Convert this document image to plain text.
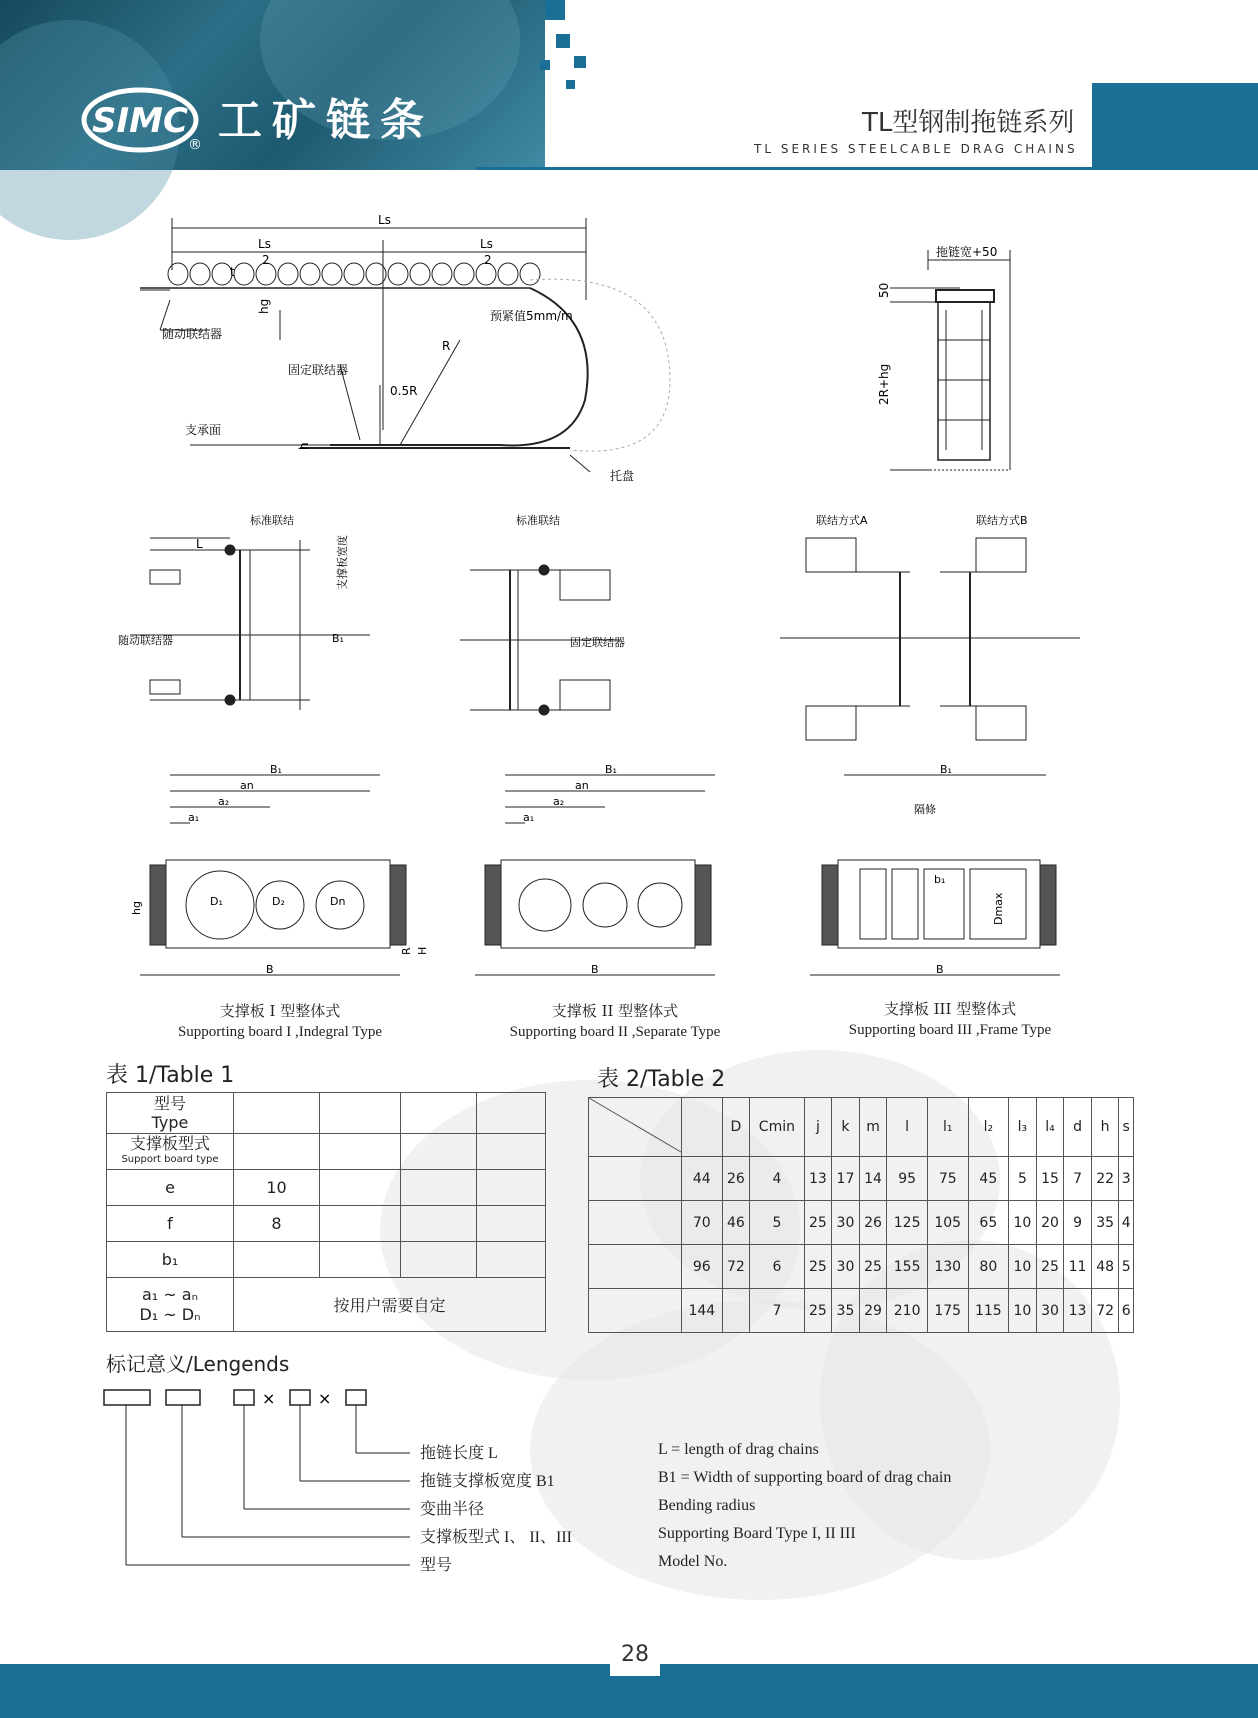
SIMC 工矿链条
®
TL型钢制拖链系列
TL SERIES STEELCABLE DRAG CHAINS
Ls
Ls
2
Ls
2
t
hg
随动联结器
固定联结器
支承面
h
预紧值5mm/m
R
0.5R
托盘
拖链宽+50
50
2R+hg
标准联结
L
随动联结器
支撑板宽度
B₁
标准联结
固定联结器
联结方式A	联结方式B
B₁
an
a₂
a₁
hg	D₁	D₂	Dn
B
R H
B₁
an
a₂
a₁
B
B₁
隔條
b₁
Dmax
B
支撑板 I 型整体式
Supporting board I ,Indegral Type
支撑板 II 型整体式
Supporting board II ,Separate Type
支撑板 III 型整体式
Supporting board III ,Frame Type
表 1/Table 1
型号
Type				

支撑板型式
Support board type				

e	10			
f	8			
b₁				

a₁ ~ aₙ
D₁ ~ Dₙ	按用户需要自定			
表 2/Table 2
		D	Cmin	j	k	m	l	l₁	l₂	l₃	l₄	d	h	s
	44	26	4	13	17	14	95	75	45	5	15	7	22	3
	70	46	5	25	30	26	125	105	65	10	20	9	35	4
	96	72	6	25	30	25	155	130	80	10	25	11	48	5
	144		7	25	35	29	210	175	115	10	30	13	72	6
标记意义/Lengends
×	×
拖链长度 L
拖链支撑板宽度 B1
变曲半径
支撑板型式 I、 II、III
型号
L = length of drag chains
B1 = Width of supporting board of drag chain
Bending radius
Supporting Board Type I, II III
Model No.
28
